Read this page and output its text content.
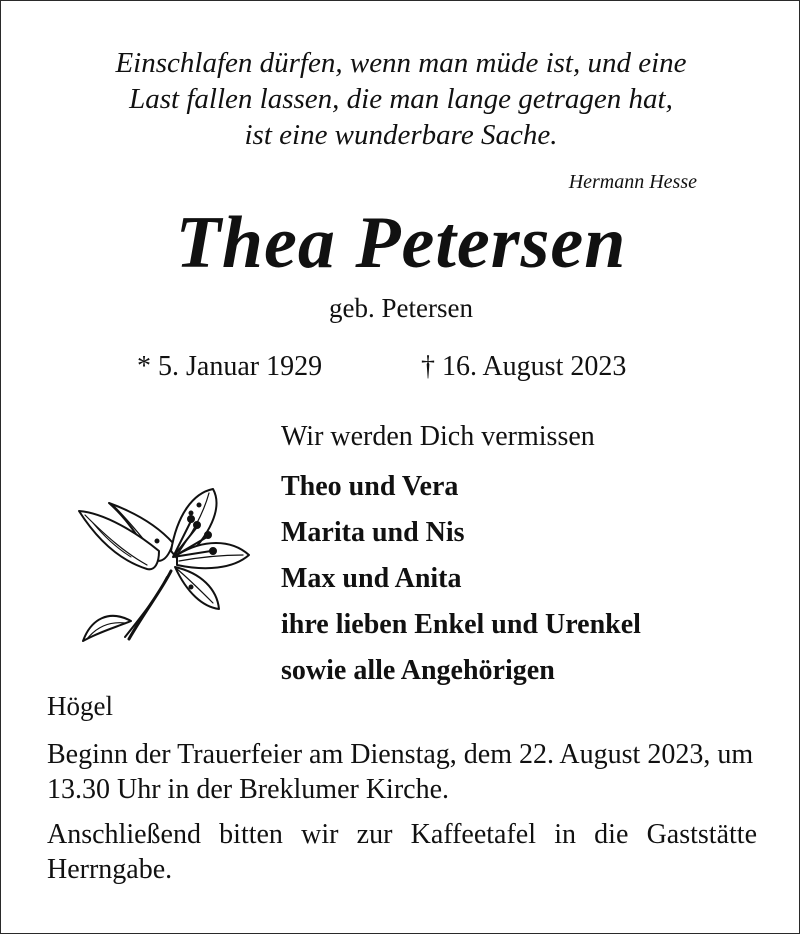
Einschlafen dürfen, wenn man müde ist, und eine
Last fallen lassen, die man lange getragen hat,
ist eine wunderbare Sache.
Hermann Hesse
Thea Petersen
geb. Petersen
* 5. Januar 1929	† 16. August 2023
Wir werden Dich vermissen
Theo und Vera
Marita und Nis
Max und Anita
ihre lieben Enkel und Urenkel
sowie alle Angehörigen
Högel
Beginn der Trauerfeier am Dienstag, dem 22. August 2023, um 13.30 Uhr in der Breklumer Kirche.
Anschließend bitten wir zur Kaffeetafel in die Gaststätte Herrngabe.
